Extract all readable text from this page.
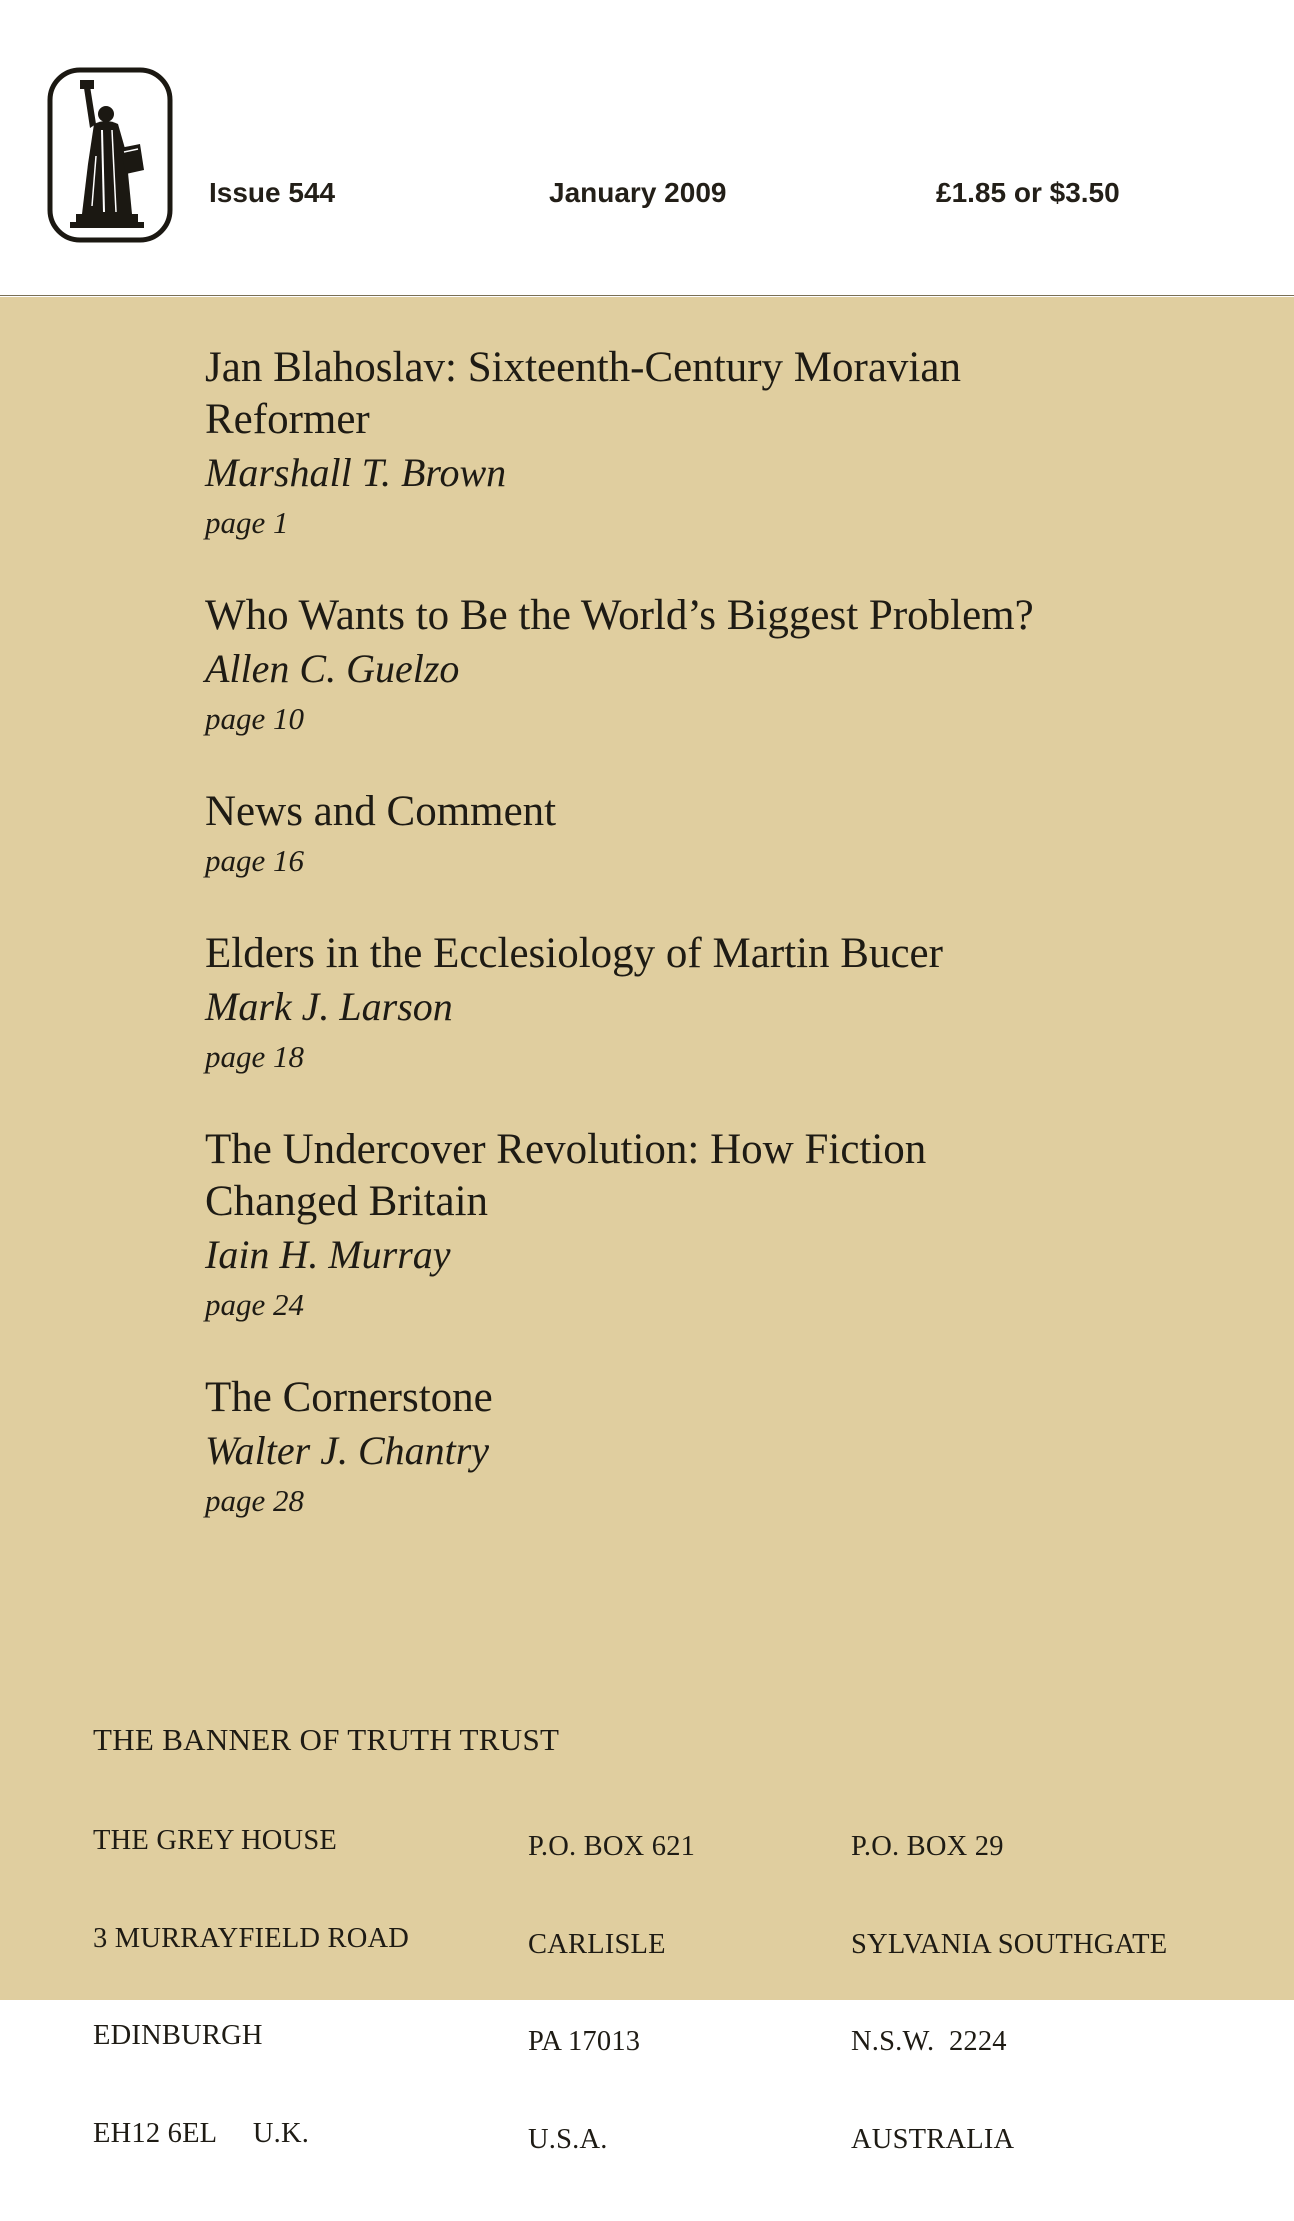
Issue 544	January 2009	£1.85 or $3.50
Jan Blahoslav: Sixteenth-Century Moravian
Reformer
Marshall T. Brown
page 1
Who Wants to Be the World’s Biggest Problem?
Allen C. Guelzo
page 10
News and Comment
page 16
Elders in the Ecclesiology of Martin Bucer
Mark J. Larson
page 18
The Undercover Revolution: How Fiction
Changed Britain
Iain H. Murray
page 24
The Cornerstone
Walter J. Chantry
page 28
THE BANNER OF TRUTH TRUST

THE GREY HOUSE

3 MURRAYFIELD ROAD

EDINBURGH

EH12 6EL     U.K.

P.O. BOX 621

CARLISLE

PA 17013

U.S.A.

P.O. BOX 29

SYLVANIA SOUTHGATE

N.S.W.  2224

AUSTRALIA
